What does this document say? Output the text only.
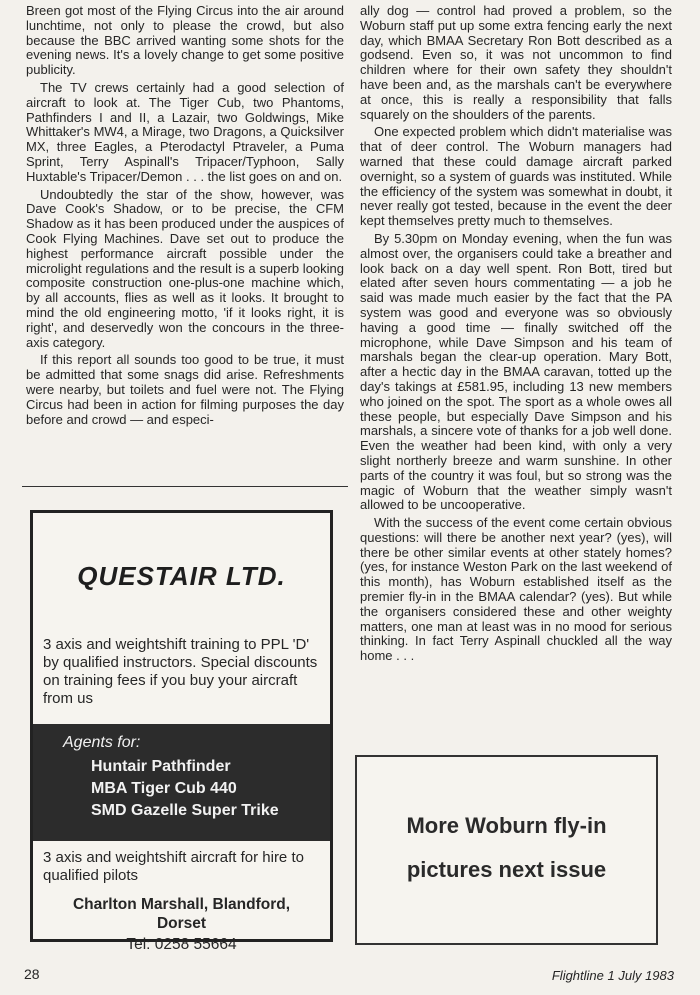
Breen got most of the Flying Circus into the air around lunchtime, not only to please the crowd, but also because the BBC arrived wanting some shots for the evening news. It's a lovely change to get some positive publicity.

The TV crews certainly had a good selection of aircraft to look at. The Tiger Cub, two Phantoms, Pathfinders I and II, a Lazair, two Goldwings, Mike Whittaker's MW4, a Mirage, two Dragons, a Quicksilver MX, three Eagles, a Pterodactyl Ptraveler, a Puma Sprint, Terry Aspinall's Tripacer/Typhoon, Sally Huxtable's Tripacer/Demon . . . the list goes on and on.

Undoubtedly the star of the show, however, was Dave Cook's Shadow, or to be precise, the CFM Shadow as it has been produced under the auspices of Cook Flying Machines. Dave set out to produce the highest performance aircraft possible under the microlight regulations and the result is a superb looking composite construction one-plus-one machine which, by all accounts, flies as well as it looks. It brought to mind the old engineering motto, 'if it looks right, it is right', and deservedly won the concours in the three-axis category.

If this report all sounds too good to be true, it must be admitted that some snags did arise. Refreshments were nearby, but toilets and fuel were not. The Flying Circus had been in action for filming purposes the day before and crowd — and especi-

ally dog — control had proved a problem, so the Woburn staff put up some extra fencing early the next day, which BMAA Secretary Ron Bott described as a godsend. Even so, it was not uncommon to find children where for their own safety they shouldn't have been and, as the marshals can't be everywhere at once, this is really a responsibility that falls squarely on the shoulders of the parents.

One expected problem which didn't materialise was that of deer control. The Woburn managers had warned that these could damage aircraft parked overnight, so a system of guards was instituted. While the efficiency of the system was somewhat in doubt, it never really got tested, because in the event the deer kept themselves pretty much to themselves.

By 5.30pm on Monday evening, when the fun was almost over, the organisers could take a breather and look back on a day well spent. Ron Bott, tired but elated after seven hours commentating — a job he said was made much easier by the fact that the PA system was good and everyone was so obviously having a good time — finally switched off the microphone, while Dave Simpson and his team of marshals began the clear-up operation. Mary Bott, after a hectic day in the BMAA caravan, totted up the day's takings at £581.95, including 13 new members who joined on the spot. The sport as a whole owes all these people, but especially Dave Simpson and his marshals, a sincere vote of thanks for a job well done. Even the weather had been kind, with only a very slight northerly breeze and warm sunshine. In other parts of the country it was foul, but so strong was the magic of Woburn that the weather simply wasn't allowed to be uncooperative.

With the success of the event come certain obvious questions: will there be another next year? (yes), will there be other similar events at other stately homes? (yes, for instance Weston Park on the last weekend of this month), has Woburn established itself as the premier fly-in in the BMAA calendar? (yes). But while the organisers considered these and other weighty matters, one man at least was in no mood for serious thinking. In fact Terry Aspinall chuckled all the way home . . .

QUESTAIR LTD.
3 axis and weightshift training to PPL 'D' by qualified instructors. Special discounts on training fees if you buy your aircraft from us
Agents for:
Huntair Pathfinder
MBA Tiger Cub 440
SMD Gazelle Super Trike
3 axis and weightshift aircraft for hire to qualified pilots
Charlton Marshall, Blandford,
Dorset
Tel: 0258 55664
More Woburn fly-in
pictures next issue
28	Flightline 1 July 1983
